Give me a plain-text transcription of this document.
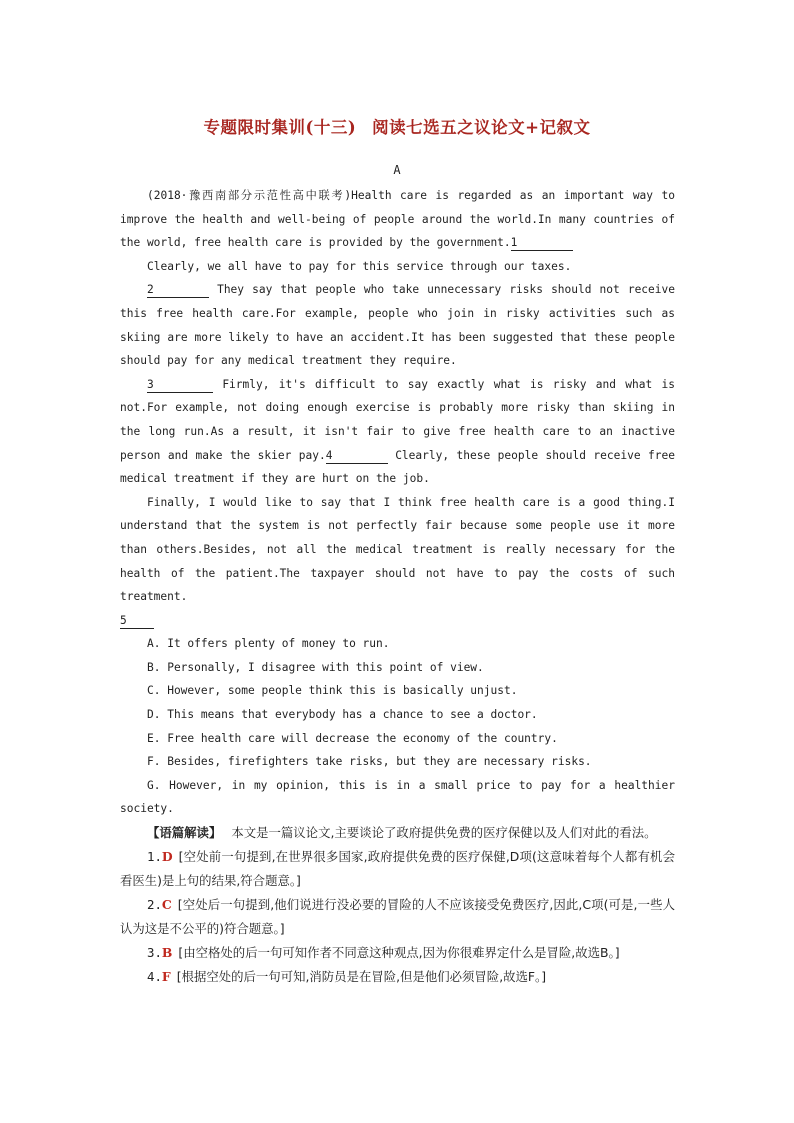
专题限时集训(十三) 阅读七选五之议论文+记叙文
A

(2018·豫西南部分示范性高中联考)Health care is regarded as an important way to improve the health and well-being of people around the world.In many countries of the world, free health care is provided by the government.1

Clearly, we all have to pay for this service through our taxes.

2	They say that people who take unnecessary risks should not receive this free health care.For example, people who join in risky activities such as skiing are more likely to have an accident.It has been suggested that these people should pay for any medical treatment they require.

3	Firmly, it's difficult to say exactly what is risky and what is not.For example, not doing enough exercise is probably more risky than skiing in the long run.As a result, it isn't fair to give free health care to an inactive person and make the skier pay.4	Clearly, these people should receive free medical treatment if they are hurt on the job.

Finally, I would like to say that I think free health care is a good thing.I understand that the system is not perfectly fair because some people use it more than others.Besides, not all the medical treatment is really necessary for the health of the patient.The taxpayer should not have to pay the costs of such treatment.

5

A. It offers plenty of money to run.

B. Personally, I disagree with this point of view.

C. However, some people think this is basically unjust.

D. This means that everybody has a chance to see a doctor.

E. Free health care will decrease the economy of the country.

F. Besides, firefighters take risks, but they are necessary risks.

G. However, in my opinion, this is in a small price to pay for a healthier society.

【语篇解读】 本文是一篇议论文,主要谈论了政府提供免费的医疗保健以及人们对此的看法。

1.D [空处前一句提到,在世界很多国家,政府提供免费的医疗保健,D项(这意味着每个人都有机会看医生)是上句的结果,符合题意。]

2.C [空处后一句提到,他们说进行没必要的冒险的人不应该接受免费医疗,因此,C项(可是,一些人认为这是不公平的)符合题意。]

3.B [由空格处的后一句可知作者不同意这种观点,因为你很难界定什么是冒险,故选B。]

4.F [根据空处的后一句可知,消防员是在冒险,但是他们必须冒险,故选F。]
